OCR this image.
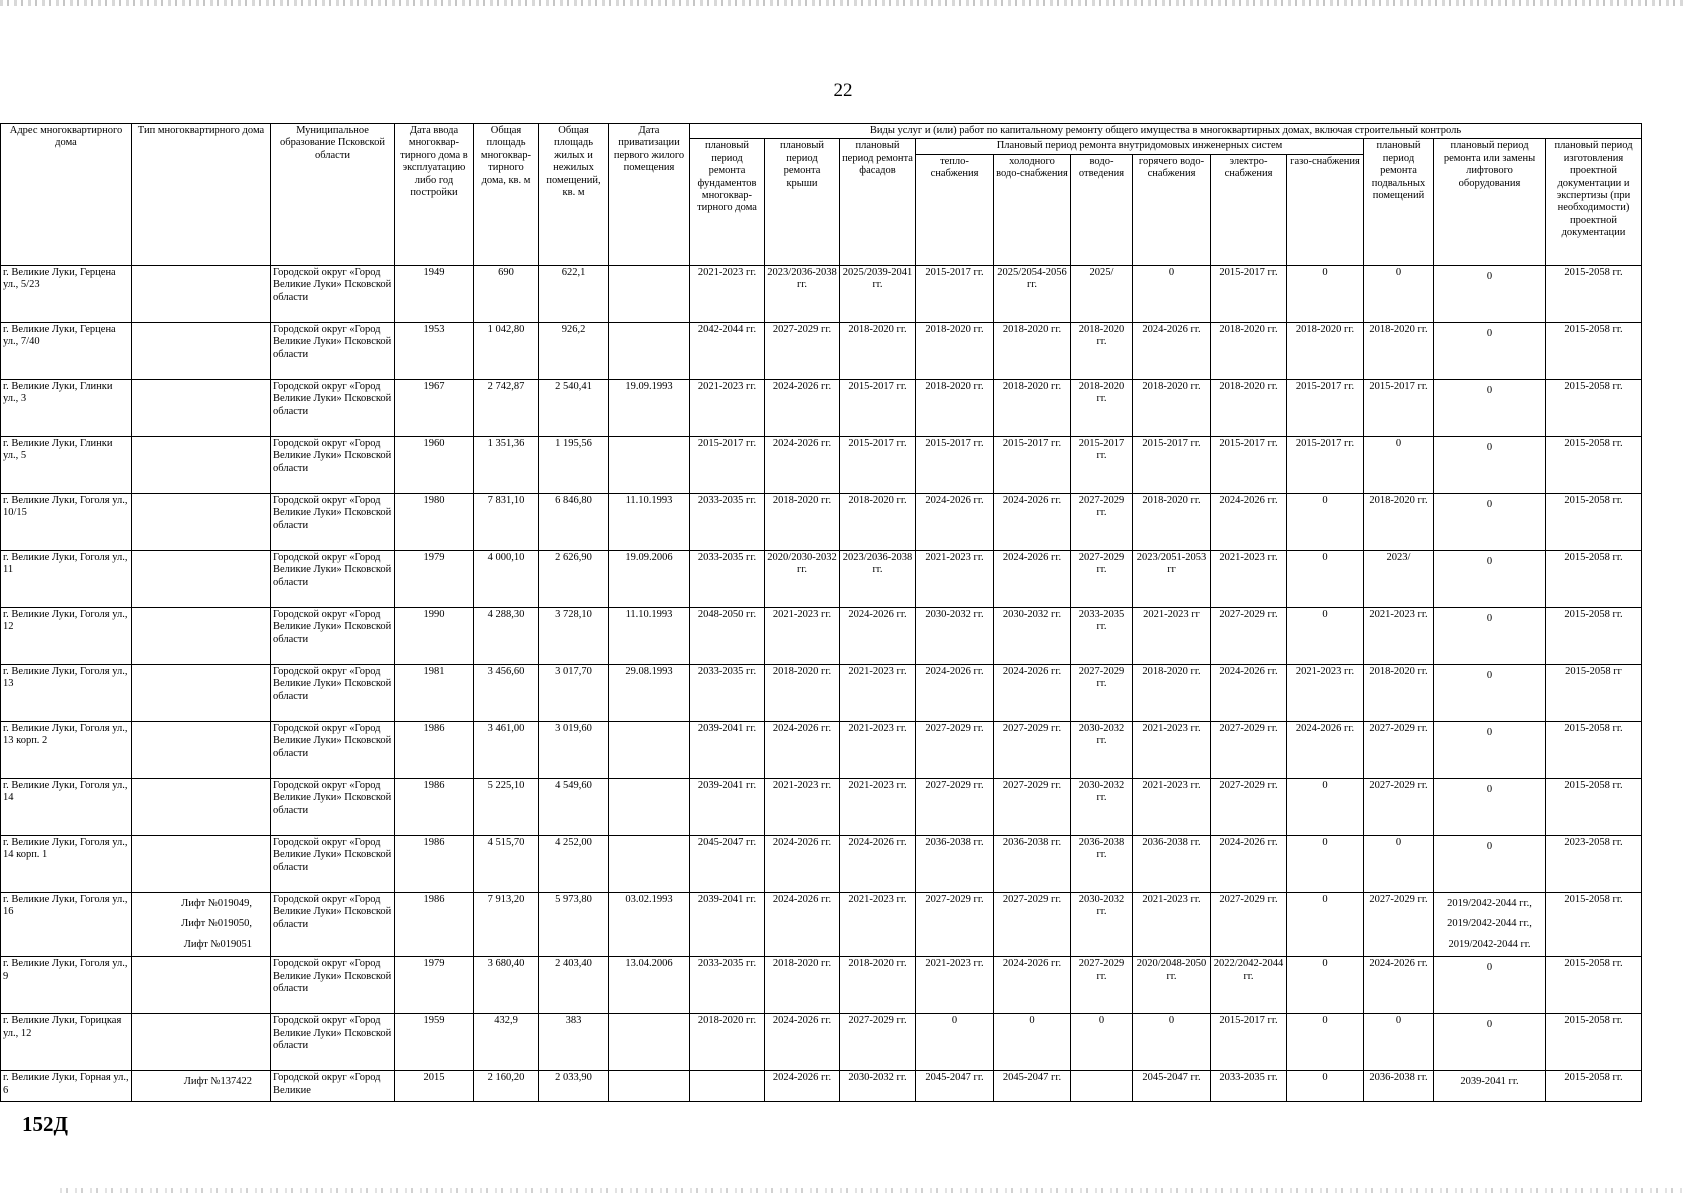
22
Адрес многоквартирного дома	Тип многоквартирного дома	Муниципальное образование Псковской области	Дата ввода многоквар-тирного дома в эксплуатацию либо год постройки	Общая площадь многоквар-тирного дома, кв. м	Общая площадь жилых и нежилых помещений, кв. м	Дата приватизации первого жилого помещения	Виды услуг и (или) работ по капитальному ремонту общего имущества в многоквартирных домах, включая строительный контроль											
							плановый период ремонта фундаментов многоквар-тирного дома	плановый период ремонта крыши	плановый период ремонта фасадов	Плановый период ремонта внутридомовых инженерных систем						плановый период ремонта подвальных помещений	плановый период ремонта или замены лифтового оборудования	плановый период изготовления проектной документации и экспертизы (при необходимости) проектной документации
										тепло-снабжения	холодного водо-снабжения	водо-отведения	горячего водо-снабжения	электро-снабжения	газо-снабжения			
г. Великие Луки, Герцена ул., 5/23		Городской округ «Город Великие Луки» Псковской области	1949	690	622,1		2021-2023 гг.	2023/2036-2038 гг.	2025/2039-2041 гг.	2015-2017 гг.	2025/2054-2056 гг.	2025/	0	2015-2017 гг.	0	0	0	2015-2058 гг.
г. Великие Луки, Герцена ул., 7/40		Городской округ «Город Великие Луки» Псковской области	1953	1 042,80	926,2		2042-2044 гг.	2027-2029 гг.	2018-2020 гг.	2018-2020 гг.	2018-2020 гг.	2018-2020 гг.	2024-2026 гг.	2018-2020 гг.	2018-2020 гг.	2018-2020 гг.	0	2015-2058 гг.
г. Великие Луки, Глинки ул., 3		Городской округ «Город Великие Луки» Псковской области	1967	2 742,87	2 540,41	19.09.1993	2021-2023 гг.	2024-2026 гг.	2015-2017 гг.	2018-2020 гг.	2018-2020 гг.	2018-2020 гг.	2018-2020 гг.	2018-2020 гг.	2015-2017 гг.	2015-2017 гг.	0	2015-2058 гг.
г. Великие Луки, Глинки ул., 5		Городской округ «Город Великие Луки» Псковской области	1960	1 351,36	1 195,56		2015-2017 гг.	2024-2026 гг.	2015-2017 гг.	2015-2017 гг.	2015-2017 гг.	2015-2017 гг.	2015-2017 гг.	2015-2017 гг.	2015-2017 гг.	0	0	2015-2058 гг.
г. Великие Луки, Гоголя ул., 10/15		Городской округ «Город Великие Луки» Псковской области	1980	7 831,10	6 846,80	11.10.1993	2033-2035 гг.	2018-2020 гг.	2018-2020 гг.	2024-2026 гг.	2024-2026 гг.	2027-2029 гг.	2018-2020 гг.	2024-2026 гг.	0	2018-2020 гг.	0	2015-2058 гг.
г. Великие Луки, Гоголя ул., 11		Городской округ «Город Великие Луки» Псковской области	1979	4 000,10	2 626,90	19.09.2006	2033-2035 гг.	2020/2030-2032 гг.	2023/2036-2038 гг.	2021-2023 гг.	2024-2026 гг.	2027-2029 гг.	2023/2051-2053 гг	2021-2023 гг.	0	2023/	0	2015-2058 гг.
г. Великие Луки, Гоголя ул., 12		Городской округ «Город Великие Луки» Псковской области	1990	4 288,30	3 728,10	11.10.1993	2048-2050 гг.	2021-2023 гг.	2024-2026 гг.	2030-2032 гг.	2030-2032 гг.	2033-2035 гг.	2021-2023 гг	2027-2029 гг.	0	2021-2023 гг.	0	2015-2058 гг.
г. Великие Луки, Гоголя ул., 13		Городской округ «Город Великие Луки» Псковской области	1981	3 456,60	3 017,70	29.08.1993	2033-2035 гг.	2018-2020 гг.	2021-2023 гг.	2024-2026 гг.	2024-2026 гг.	2027-2029 гг.	2018-2020 гг.	2024-2026 гг.	2021-2023 гг.	2018-2020 гг.	0	2015-2058 гг
г. Великие Луки, Гоголя ул., 13 корп. 2		Городской округ «Город Великие Луки» Псковской области	1986	3 461,00	3 019,60		2039-2041 гг.	2024-2026 гг.	2021-2023 гг.	2027-2029 гг.	2027-2029 гг.	2030-2032 гг.	2021-2023 гг.	2027-2029 гг.	2024-2026 гг.	2027-2029 гг.	0	2015-2058 гг.
г. Великие Луки, Гоголя ул., 14		Городской округ «Город Великие Луки» Псковской области	1986	5 225,10	4 549,60		2039-2041 гг.	2021-2023 гг.	2021-2023 гг.	2027-2029 гг.	2027-2029 гг.	2030-2032 гг.	2021-2023 гг.	2027-2029 гг.	0	2027-2029 гг.	0	2015-2058 гг.
г. Великие Луки, Гоголя ул., 14 корп. 1		Городской округ «Город Великие Луки» Псковской области	1986	4 515,70	4 252,00		2045-2047 гг.	2024-2026 гг.	2024-2026 гг.	2036-2038 гг.	2036-2038 гг.	2036-2038 гг.	2036-2038 гг.	2024-2026 гг.	0	0	0	2023-2058 гг.
г. Великие Луки, Гоголя ул., 16	Лифт №019049,
Лифт №019050,
Лифт №019051	Городской округ «Город Великие Луки» Псковской области	1986	7 913,20	5 973,80	03.02.1993	2039-2041 гг.	2024-2026 гг.	2021-2023 гг.	2027-2029 гг.	2027-2029 гг.	2030-2032 гг.	2021-2023 гг.	2027-2029 гг.	0	2027-2029 гг.	2019/2042-2044 гг.,
2019/2042-2044 гг.,
2019/2042-2044 гг.	2015-2058 гг.
г. Великие Луки, Гоголя ул., 9		Городской округ «Город Великие Луки» Псковской области	1979	3 680,40	2 403,40	13.04.2006	2033-2035 гг.	2018-2020 гг.	2018-2020 гг.	2021-2023 гг.	2024-2026 гг.	2027-2029 гг.	2020/2048-2050 гг.	2022/2042-2044 гг.	0	2024-2026 гг.	0	2015-2058 гг.
г. Великие Луки, Горицкая ул., 12		Городской округ «Город Великие Луки» Псковской области	1959	432,9	383		2018-2020 гг.	2024-2026 гг.	2027-2029 гг.	0	0	0	0	2015-2017 гг.	0	0	0	2015-2058 гг.
г. Великие Луки, Горная ул., 6	Лифт №137422	Городской округ «Город Великие	2015	2 160,20	2 033,90			2024-2026 гг.	2030-2032 гг.	2045-2047 гг.	2045-2047 гг.		2045-2047 гг.	2033-2035 гг.	0	2036-2038 гг.	2039-2041 гг.	2015-2058 гг.
152Д
